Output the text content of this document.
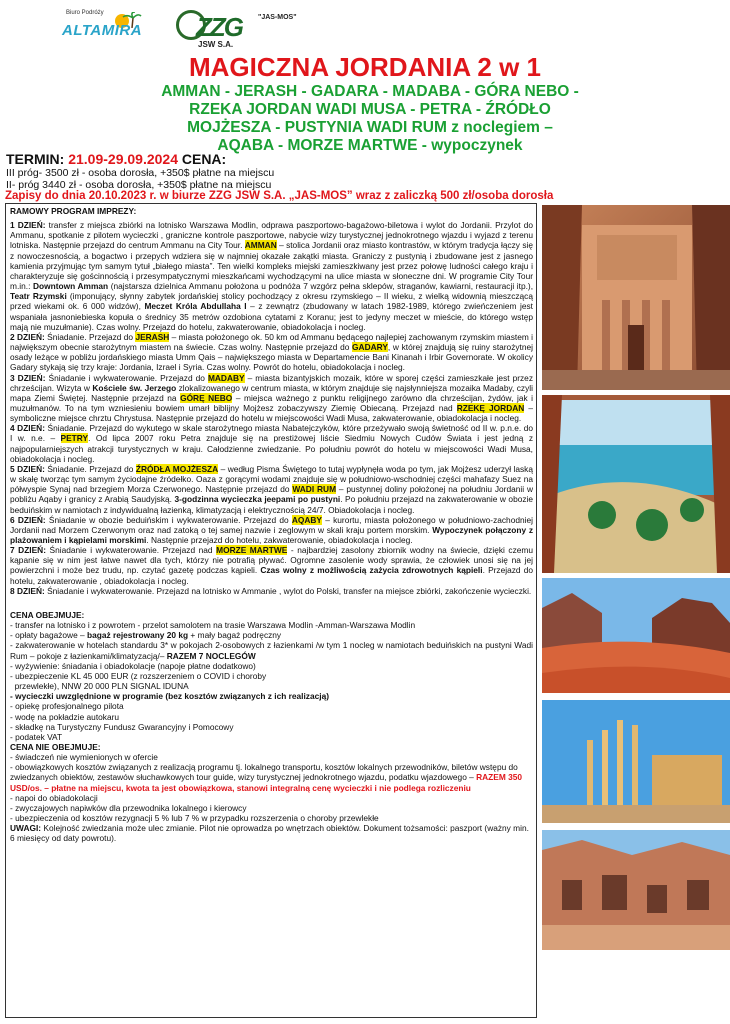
Biuro Podróży
ALTAMIRA ZZG "JAS-MOS"
JSW S.A.
MAGICZNA JORDANIA 2 w 1
AMMAN - JERASH - GADARA - MADABA - GÓRA NEBO -
RZEKA JORDAN WADI MUSA - PETRA - ŹRÓDŁO
MOJŻESZA - PUSTYNIA WADI RUM z noclegiem –
AQABA - MORZE MARTWE - wypoczynek
TERMIN: 21.09-29.09.2024 CENA:
III próg- 3500 zł - osoba dorosła, +350$ płatne na miejscu
II- próg 3440 zł - osoba dorosła, +350$ płatne na miejscu
Zapisy do dnia 20.10.2023 r. w biurze ZZG JSW S.A. „JAS-MOS” wraz z zaliczką 500 zł/osoba dorosła

RAMOWY PROGRAM IMPREZY:

1 DZIEŃ: transfer z miejsca zbiórki na lotnisko Warszawa Modlin, odprawa paszportowo-bagażowo-biletowa i wylot do Jordanii. Przylot do Ammanu, spotkanie z pilotem wycieczki , graniczne kontrole paszportowe, nabycie wizy turystycznej jednokrotnego wjazdu i wyjazd z terenu lotniska. Następnie przejazd do centrum Ammanu na City Tour. AMMAN – stolica Jordanii oraz miasto kontrastów, w którym tradycja łączy się z nowoczesnością, a bogactwo i przepych wdziera się w najmniej okazałe zakątki miasta. Graniczy z pustynią i zbudowane jest z jasnego kamienia przyjmując tym samym tytuł „białego miasta”. Ten wielki kompleks miejski zamieszkiwany jest przez połowę ludności całego kraju i charakteryzuje się gościnnością i przesympatycznymi mieszkańcami wychodzącymi na ulice miasta w słoneczne dni. W programie City Tour m.in.: Downtown Amman (najstarsza dzielnica Ammanu położona u podnóża 7 wzgórz pełna sklepów, straganów, kawiarni, restauracji itp.), Teatr Rzymski (imponujący, słynny zabytek jordańskiej stolicy pochodzący z okresu rzymskiego – II wieku, z wielką widownią mieszczącą przed wiekami ok. 6 000 widzów), Meczet Króla Abdullaha I – z zewnątrz (zbudowany w latach 1982-1989, którego zwieńczeniem jest wspaniała jasnoniebieska kopuła o średnicy 35 metrów ozdobiona cytatami z Koranu; jest to jedyny meczet w mieście, do którego wstęp mają nie muzułmanie). Czas wolny. Przejazd do hotelu, zakwaterowanie, obiadokolacja i nocleg.

2 DZIEŃ: Śniadanie. Przejazd do JERASH – miasta położonego ok. 50 km od Ammanu będącego najlepiej zachowanym rzymskim miastem i największym obecnie starożytnym miastem na świecie. Czas wolny. Następnie przejazd do GADARY, w której znajdują się ruiny starożytnej osady leżące w pobliżu jordańskiego miasta Umm Qais – największego miasta w Departamencie Bani Kinanah i Irbir Governorate. W okolicy Gadary stykają się trzy kraje: Jordania, Izrael i Syria. Czas wolny. Powrót do hotelu, obiadokolacja i nocleg.

3 DZIEŃ: Śniadanie i wykwaterowanie. Przejazd do MADABY – miasta bizantyjskich mozaik, które w sporej części zamieszkałe jest przez chrześcijan. Wizyta w Kościele św. Jerzego zlokalizowanego w centrum miasta, w którym znajduje się najsłynniejsza mozaika Madaby, czyli mapa Ziemi Świętej. Następnie przejazd na GÓRĘ NEBO – miejsca ważnego z punktu religijnego zarówno dla chrześcijan, żydów, jak i muzułmanów. To na tym wzniesieniu bowiem umarł biblijny Mojżesz zobaczywszy Ziemię Obiecaną. Przejazd nad RZEKĘ JORDAN – symboliczne miejsce chrztu Chrystusa. Następnie przejazd do hotelu w miejscowości Wadi Musa, zakwaterowanie, obiadokolacja i nocleg.

4 DZIEŃ: Śniadanie. Przejazd do wykutego w skale starożytnego miasta Nabatejczyków, które przeżywało swoją świetność od II w. p.n.e. do I w. n.e. – PETRY. Od lipca 2007 roku Petra znajduje się na prestiżowej liście Siedmiu Nowych Cudów Świata i jest jedną z najpopularniejszych atrakcji turystycznych w kraju. Całodzienne zwiedzanie. Po południu powrót do hotelu w miejscowości Wadi Musa, obiadokolacja i nocleg.

5 DZIEŃ: Śniadanie. Przejazd do ŹRÓDŁA MOJŻESZA – według Pisma Świętego to tutaj wypłynęła woda po tym, jak Mojżesz uderzył laską w skałę tworząc tym samym życiodajne źródełko. Oaza z gorącymi wodami znajduje się w południowo-wschodniej części mahafazy Suez na półwyspie Synaj nad brzegiem Morza Czerwonego. Następnie przejazd do WADI RUM – pustynnej doliny położonej na południu Jordanii w pobliżu Aqaby i granicy z Arabią Saudyjską. 3-godzinna wycieczka jeepami po pustyni. Po południu przejazd na zakwaterowanie w obozie beduińskim w namiotach z indywidualną łazienką, klimatyzacją i elektrycznością 24/7. Obiadokolacja i nocleg.

6 DZIEŃ: Śniadanie w obozie beduińskim i wykwaterowanie. Przejazd do AQABY – kurortu, miasta położonego w południowo-zachodniej Jordanii nad Morzem Czerwonym oraz nad zatoką o tej samej nazwie i zeglowym w skali kraju portem morskim. Wypoczynek połączony z plażowaniem i kąpielami morskimi. Następnie przejazd do hotelu, zakwaterowanie, obiadokolacja i nocleg.

7 DZIEŃ: Śniadanie i wykwaterowanie. Przejazd nad MORZE MARTWE - najbardziej zasolony zbiornik wodny na świecie, dzięki czemu kąpanie się w nim jest łatwe nawet dla tych, którzy nie potrafią pływać. Ogromne zasolenie wody sprawia, że człowiek unosi się na jej powierzchni i może bez trudu, np. czytać gazetę podczas kąpieli. Czas wolny z możliwością zażycia zdrowotnych kąpieli. Przejazd do hotelu, zakwaterowanie , obiadokolacja i nocleg.

8 DZIEŃ: Śniadanie i wykwaterowanie. Przejazd na lotnisko w Ammanie , wylot do Polski, transfer na miejsce zbiórki, zakończenie wycieczki.

CENA OBEJMUJE:

- transfer na lotnisko i z powrotem - przelot samolotem na trasie Warszawa Modlin -Amman-Warszawa Modlin

- opłaty bagażowe – bagaż rejestrowany 20 kg + mały bagaż podręczny

- zakwaterowanie w hotelach standardu 3* w pokojach 2-osobowych z łazienkami /w tym 1 nocleg w namiotach beduińskich na pustyni Wadi Rum – pokoje z łazienkami/klimatyzacją/– RAZEM 7 NOCLEGÓW

- wyżywienie: śniadania i obiadokolacje (napoje płatne dodatkowo)

- ubezpieczenie KL 45 000 EUR (z rozszerzeniem o COVID i choroby

przewlekłe), NNW 20 000 PLN SIGNAL IDUNA

- wycieczki uwzględnione w programie (bez kosztów związanych z ich realizacją)

- opiekę profesjonalnego pilota

- wodę na pokładzie autokaru

- składkę na Turystyczny Fundusz Gwarancyjny i Pomocowy

- podatek VAT

CENA NIE OBEJMUJE:

- świadczeń nie wymienionych w ofercie

- obowiązkowych kosztów związanych z realizacją programu tj. lokalnego transportu, kosztów lokalnych przewodników, biletów wstępu do zwiedzanych obiektów, zestawów słuchawkowych tour guide, wizy turystycznej jednokrotnego wjazdu, podatku wjazdowego – RAZEM 350 USD/os. – płatne na miejscu, kwota ta jest obowiązkowa, stanowi integralną cenę wycieczki i nie podlega rozliczeniu

- napoi do obiadokolacji

- zwyczajowych napiwków dla przewodnika lokalnego i kierowcy

- ubezpieczenia od kosztów rezygnacji 5 % lub 7 % w przypadku rozszerzenia o choroby przewlekłe

UWAGI: Kolejność zwiedzania może ulec zmianie. Pilot nie oprowadza po wnętrzach obiektów. Dokument tożsamości: paszport (ważny min. 6 miesięcy od daty powrotu).
